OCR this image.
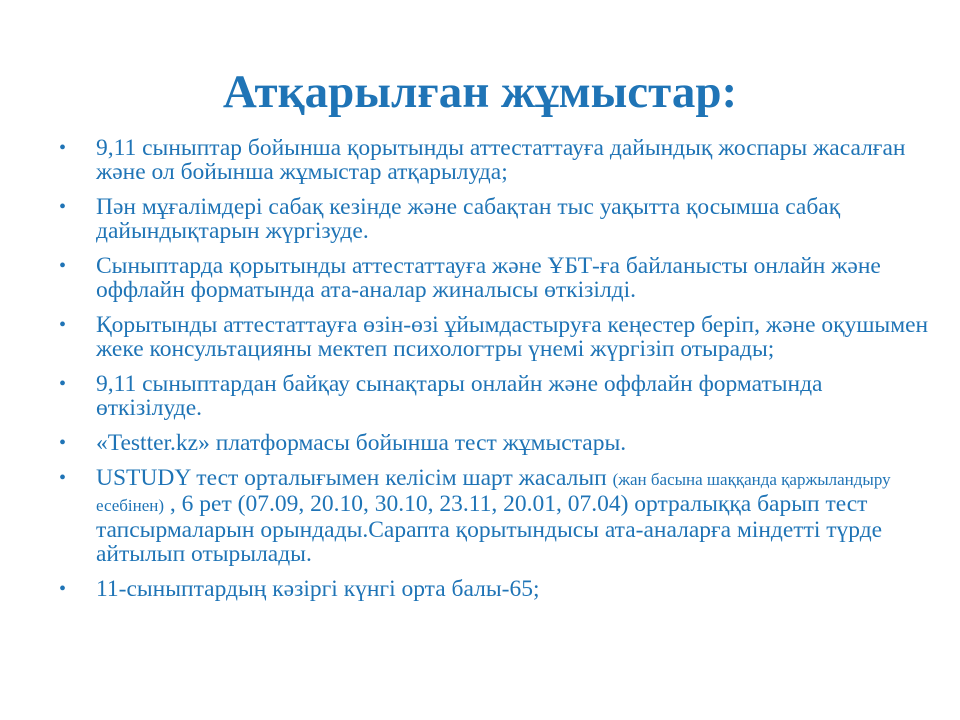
Атқарылған жұмыстар:
• 9,11 сыныптар бойынша қорытынды аттестаттауға дайындық жоспары жасалған және ол бойынша жұмыстар атқарылуда;
• Пән мұғалімдері сабақ кезінде және сабақтан тыс уақытта қосымша сабақ дайындықтарын жүргізуде.
• Сыныптарда қорытынды аттестаттауға және ҰБТ-ға байланысты онлайн және оффлайн форматында ата-аналар жиналысы өткізілді.
• Қорытынды аттестаттауға өзін-өзі ұйымдастыруға кеңестер беріп, және оқушымен жеке консультацияны мектеп психологтры үнемі жүргізіп отырады;
• 9,11 сыныптардан байқау сынақтары онлайн және оффлайн форматында өткізілуде.
• «Testter.kz» платформасы бойынша тест жұмыстары.
• USTUDY тест орталығымен келісім шарт жасалып (жан басына шаққанда қаржыландыру есебінен) , 6 рет (07.09, 20.10, 30.10, 23.11, 20.01, 07.04) ортралыққа барып тест тапсырмаларын орындады.Сарапта қорытындысы ата-аналарға міндетті түрде айтылып отырылады.
• 11-сыныптардың кәзіргі күнгі орта балы-65;
